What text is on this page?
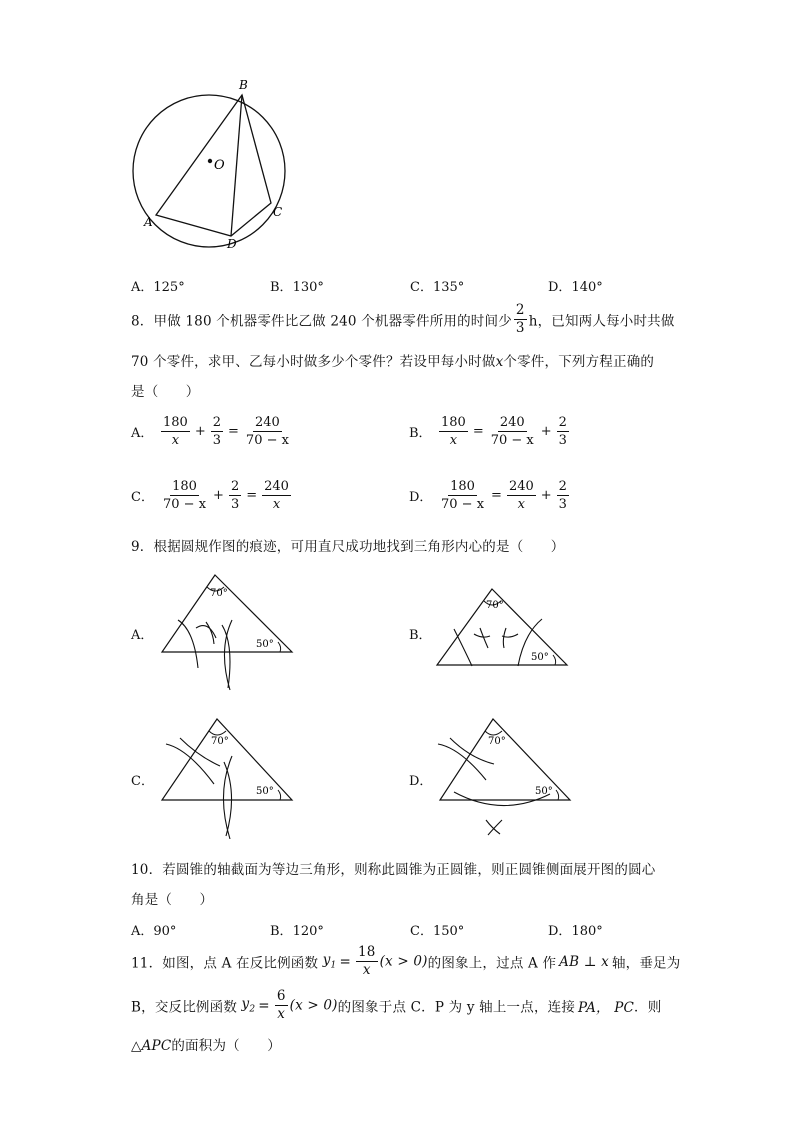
B
O
A
C
D
A．125°	B．130°	C．135°	D．140°
8．甲做 180 个机器零件比乙做 240 个机器零件所用的时间少 $\frac{2}{3}$ h，已知两人每小时共做
70 个零件，求甲、乙每小时做多少个零件？若设甲每小时做x个零件，下列方程正确的
是（　　）
A． $\frac{180}{x} + \frac{2}{3} = \frac{240}{70 - x}$	B． $\frac{180}{x} = \frac{240}{70 - x} + \frac{2}{3}$
C． $\frac{180}{70 - x} + \frac{2}{3} = \frac{240}{x}$	D． $\frac{180}{70 - x} = \frac{240}{x} + \frac{2}{3}$
9．根据圆规作图的痕迹，可用直尺成功地找到三角形内心的是（　　）
A．
70°
50°
B．
70°
50°
C．
70°
50°
D．
70°
50°
10．若圆锥的轴截面为等边三角形，则称此圆锥为正圆锥，则正圆锥侧面展开图的圆心
角是（　　）
A．90°	B．120°	C．150°	D．180°
11．如图，点 A 在反比例函数 $y_1 = \frac{18}{x} (x > 0)$的图象上，过点 A 作 AB ⊥ x 轴，垂足为
B，交反比例函数 $y_2 = \frac{6}{x} (x > 0)$的图象于点 C．P 为 y 轴上一点，连接 PA， PC．则
△APC的面积为（　　）
